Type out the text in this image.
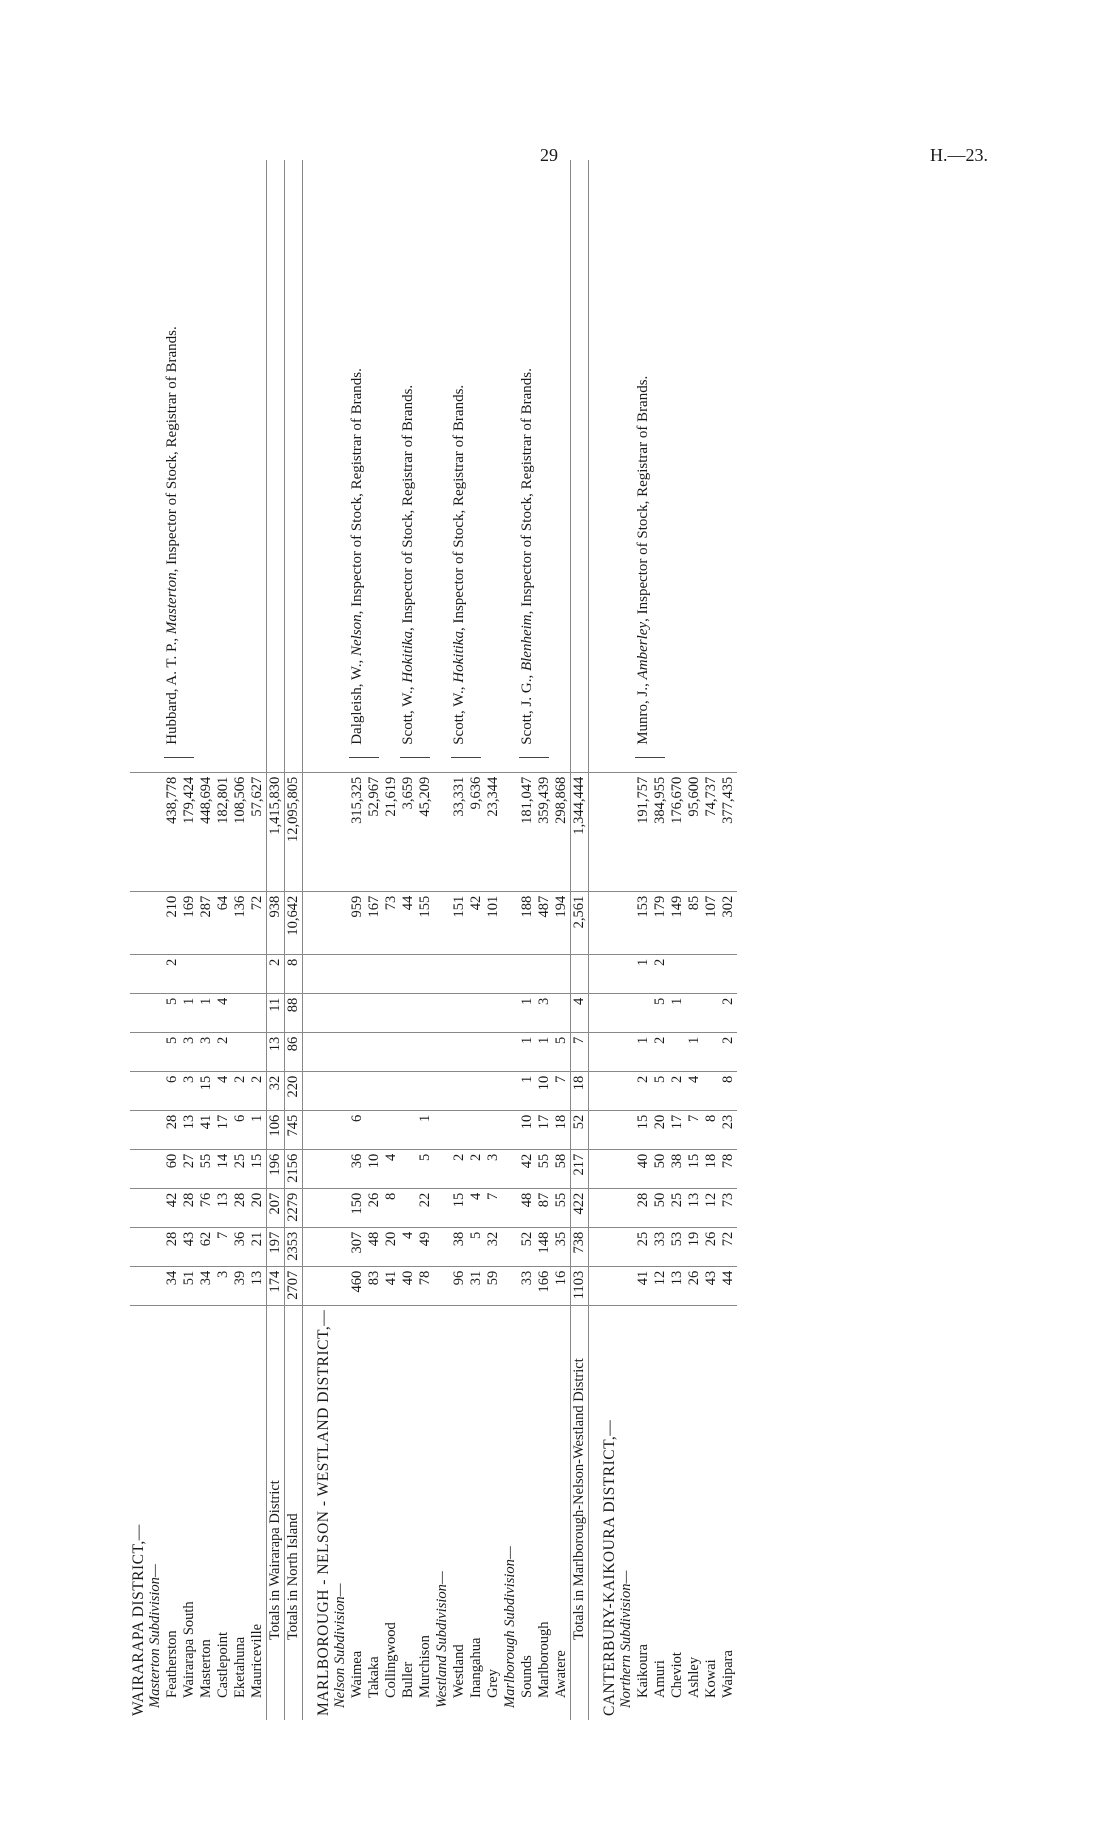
29	H.—23.
WAIRARAPA DISTRICT,—												
Masterton Subdivision—												
Featherston	34	28	42	60	28	6	5	5	2	210	438,778	Hubbard, A. T. P., Masterton, Inspector of Stock, Registrar of Brands.
Wairarapa South	51	43	28	27	13	3	3	1		169	179,424	
Masterton	34	62	76	55	41	15	3	1		287	448,694	
Castlepoint	3	7	13	14	17	4	2	4		64	182,801	
Eketahuna	39	36	28	25	6	2				136	108,506	
Mauriceville	13	21	20	15	1	2				72	57,627	
Totals in Wairarapa District	174	197	207	196	106	32	13	11	2	938	1,415,830	
Totals in North Island	2707	2353	2279	2156	745	220	86	88	8	10,642	12,095,805	

MARLBOROUGH - NELSON - WESTLAND DISTRICT,—												
Nelson Subdivision—												
Waimea	460	307	150	36	6					959	315,325	Dalgleish, W., Nelson, Inspector of Stock, Registrar of Brands.
Takaka	83	48	26	10						167	52,967	
Collingwood	41	20	8	4						73	21,619	
Buller	40	4								44	3,659	Scott, W., Hokitika, Inspector of Stock, Registrar of Brands.
Murchison	78	49	22	5	1					155	45,209	
Westland Subdivision—												
Westland	96	38	15	2						151	33,331	Scott, W., Hokitika, Inspector of Stock, Registrar of Brands.
Inangahua	31	5	4	2						42	9,636	
Grey	59	32	7	3						101	23,344	
Marlborough Subdivision—												
Sounds	33	52	48	42	10	1	1	1		188	181,047	Scott, J. G., Blenheim, Inspector of Stock, Registrar of Brands.
Marlborough	166	148	87	55	17	10	1	3		487	359,439	
Awatere	16	35	55	58	18	7	5			194	298,868	
Totals in Marlborough-Nelson-Westland District	1103	738	422	217	52	18	7	4		2,561	1,344,444	

CANTERBURY-KAIKOURA DISTRICT,—												
Northern Subdivision—												
Kaikoura	41	25	28	40	15	2	1		1	153	191,757	Munro, J., Amberley, Inspector of Stock, Registrar of Brands.
Amuri	12	33	50	50	20	5	2	5	2	179	384,955	
Cheviot	13	53	25	38	17	2		1		149	176,670	
Ashley	26	19	13	15	7	4	1			85	95,600	
Kowai	43	26	12	18	8					107	74,737	
Waipara	44	72	73	78	23	8	2	2		302	377,435	
